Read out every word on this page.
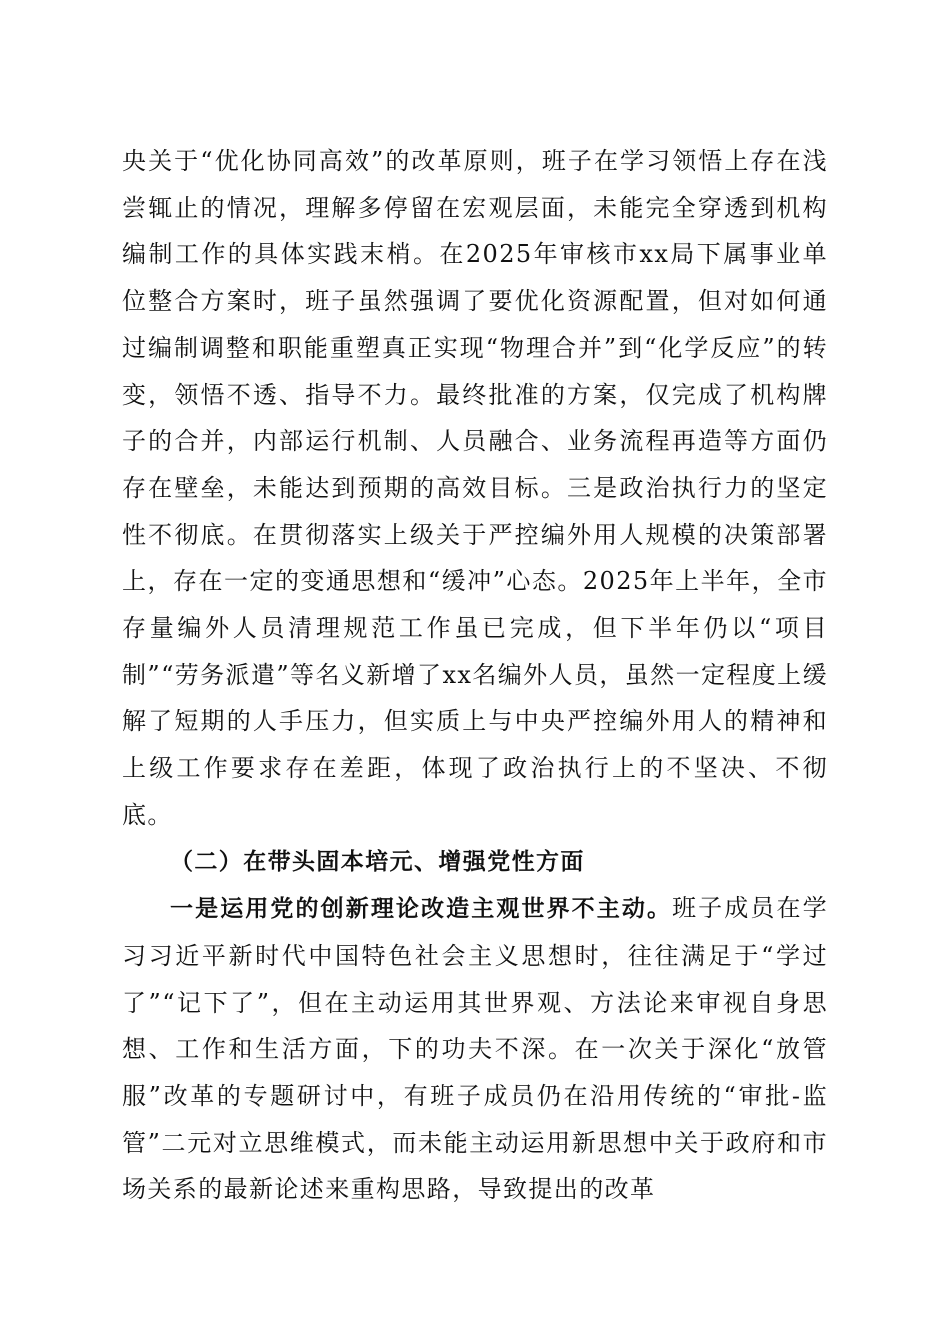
央关于“优化协同高效”的改革原则，班子在学习领悟上存在浅尝辄止的情况，理解多停留在宏观层面，未能完全穿透到机构编制工作的具体实践末梢。在2025年审核市xx局下属事业单位整合方案时，班子虽然强调了要优化资源配置，但对如何通过编制调整和职能重塑真正实现“物理合并”到“化学反应”的转变，领悟不透、指导不力。最终批准的方案，仅完成了机构牌子的合并，内部运行机制、人员融合、业务流程再造等方面仍存在壁垒，未能达到预期的高效目标。三是政治执行力的坚定性不彻底。在贯彻落实上级关于严控编外用人规模的决策部署上，存在一定的变通思想和“缓冲”心态。2025年上半年，全市存量编外人员清理规范工作虽已完成，但下半年仍以“项目制”“劳务派遣”等名义新增了xx名编外人员，虽然一定程度上缓解了短期的人手压力，但实质上与中央严控编外用人的精神和上级工作要求存在差距，体现了政治执行上的不坚决、不彻底。

（二）在带头固本培元、增强党性方面

一是运用党的创新理论改造主观世界不主动。班子成员在学习习近平新时代中国特色社会主义思想时，往往满足于“学过了”“记下了”，但在主动运用其世界观、方法论来审视自身思想、工作和生活方面，下的功夫不深。在一次关于深化“放管服”改革的专题研讨中，有班子成员仍在沿用传统的“审批-监管”二元对立思维模式，而未能主动运用新思想中关于政府和市场关系的最新论述来重构思路，导致提出的改革
